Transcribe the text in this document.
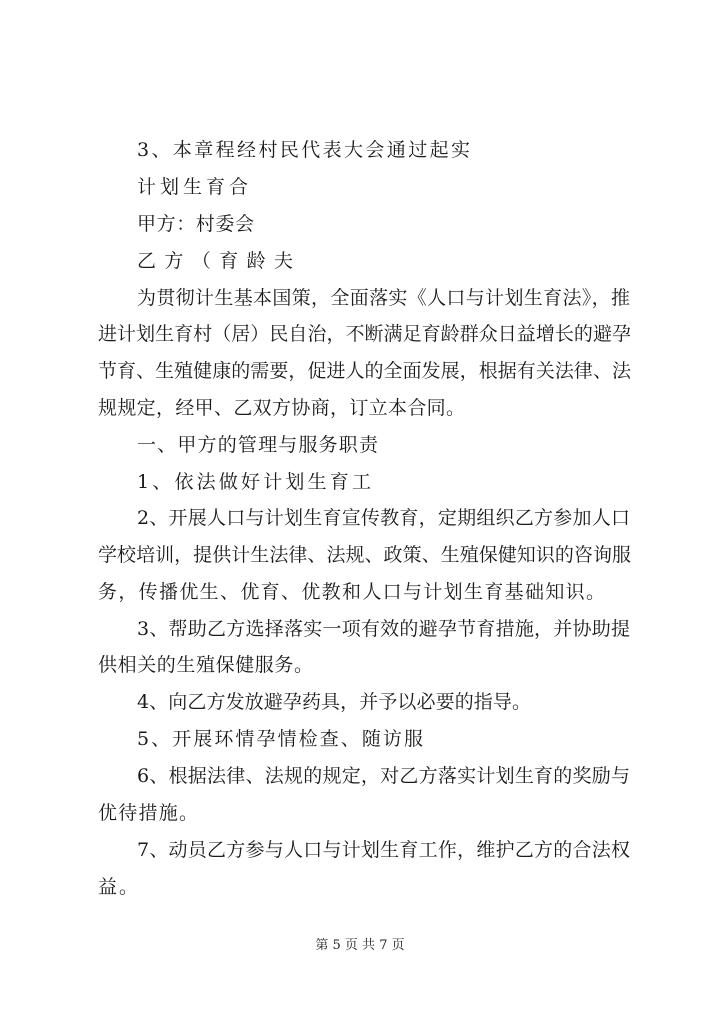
3、本章程经村民代表大会通过起实
计划生育合
甲方：村委会
乙方（育龄夫
为贯彻计生基本国策，全面落实《人口与计划生育法》，推
进计划生育村（居）民自治，不断满足育龄群众日益增长的避孕
节育、生殖健康的需要，促进人的全面发展，根据有关法律、法
规规定，经甲、乙双方协商，订立本合同。
一、甲方的管理与服务职责
1、依法做好计划生育工
2、开展人口与计划生育宣传教育，定期组织乙方参加人口
学校培训，提供计生法律、法规、政策、生殖保健知识的咨询服
务，传播优生、优育、优教和人口与计划生育基础知识。
3、帮助乙方选择落实一项有效的避孕节育措施，并协助提
供相关的生殖保健服务。
4、向乙方发放避孕药具，并予以必要的指导。
5、开展环情孕情检查、随访服
6、根据法律、法规的规定，对乙方落实计划生育的奖励与
优待措施。
7、动员乙方参与人口与计划生育工作，维护乙方的合法权
益。
第 5 页 共 7 页
